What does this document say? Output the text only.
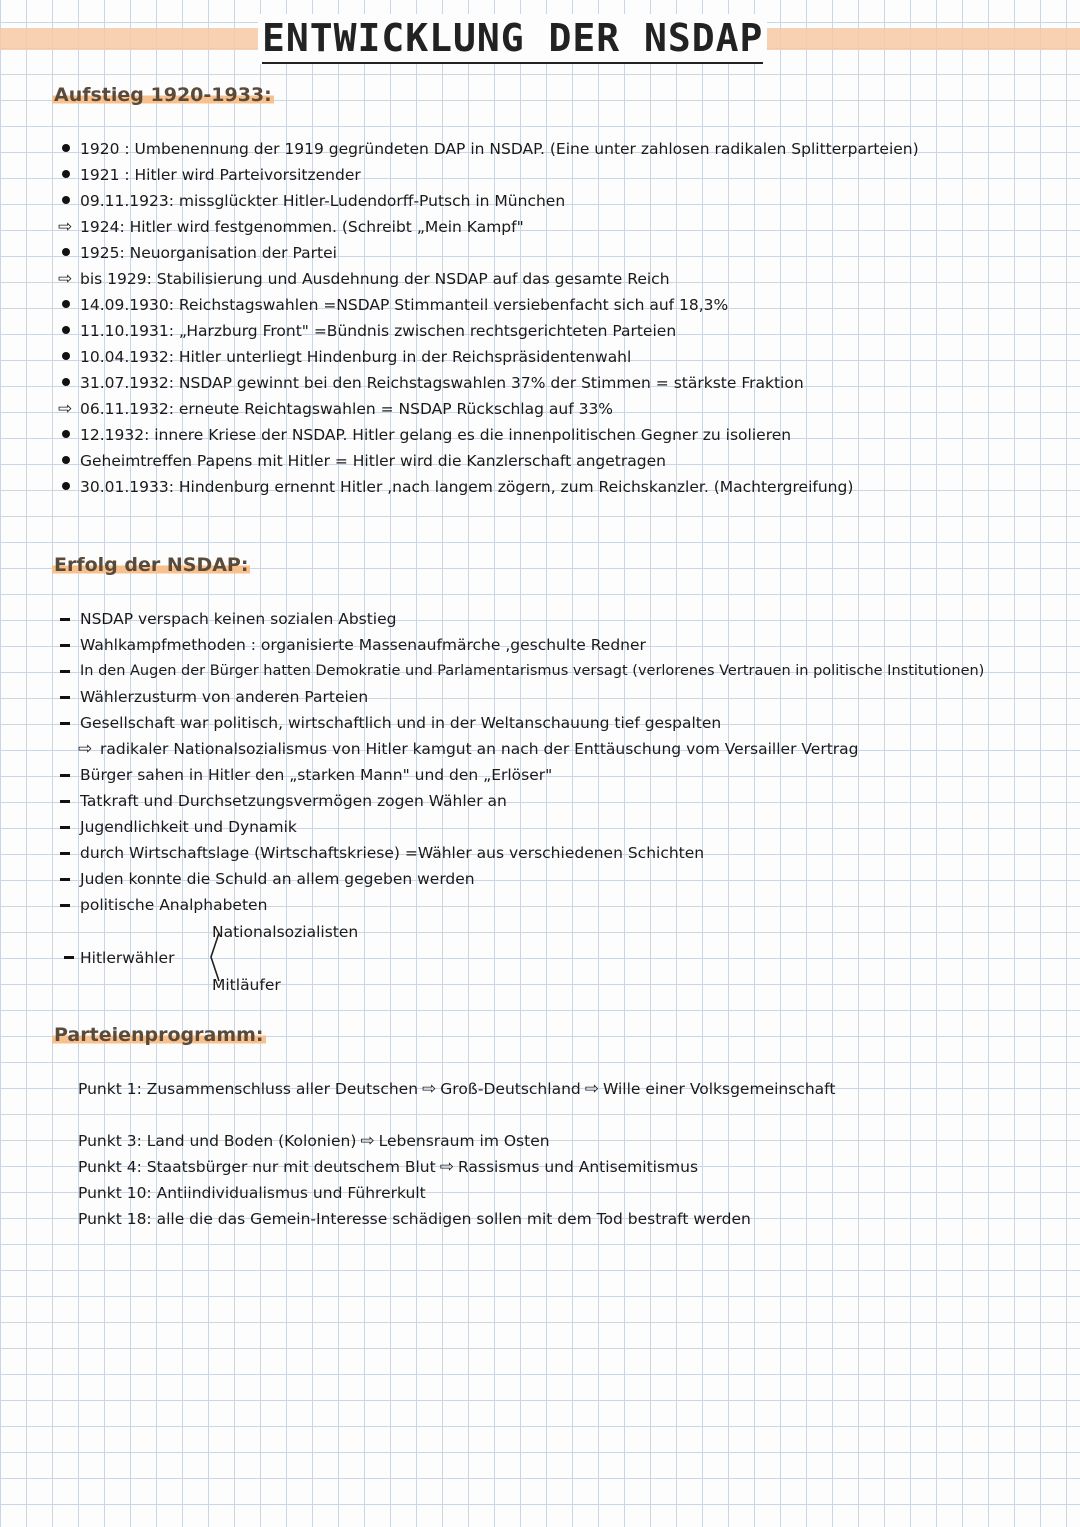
ENTWICKLUNG DER NSDAP
Aufstieg 1920-1933:
1920 : Umbenennung der 1919 gegründeten DAP in NSDAP. (Eine unter zahlosen radikalen Splitterparteien)
1921 : Hitler wird Parteivorsitzender
09.11.1923: missglückter Hitler-Ludendorff-Putsch in München
⇨ 1924: Hitler wird festgenommen. (Schreibt „Mein Kampf"
1925: Neuorganisation der Partei
⇨ bis 1929: Stabilisierung und Ausdehnung der NSDAP auf das gesamte Reich
14.09.1930: Reichstagswahlen =NSDAP Stimmanteil versiebenfacht sich auf 18,3%
11.10.1931: „Harzburg Front" =Bündnis zwischen rechtsgerichteten Parteien
10.04.1932: Hitler unterliegt Hindenburg in der Reichspräsidentenwahl
31.07.1932: NSDAP gewinnt bei den Reichstagswahlen 37% der Stimmen = stärkste Fraktion
⇨ 06.11.1932: erneute Reichtagswahlen = NSDAP Rückschlag auf 33%
12.1932: innere Kriese der NSDAP. Hitler gelang es die innenpolitischen Gegner zu isolieren
Geheimtreffen Papens mit Hitler = Hitler wird die Kanzlerschaft angetragen
30.01.1933: Hindenburg ernennt Hitler ,nach langem zögern, zum Reichskanzler. (Machtergreifung)
Erfolg der NSDAP:
NSDAP verspach keinen sozialen Abstieg
Wahlkampfmethoden : organisierte Massenaufmärche ,geschulte Redner
In den Augen der Bürger hatten Demokratie und Parlamentarismus versagt (verlorenes Vertrauen in politische Institutionen)
Wählerzusturm von anderen Parteien
Gesellschaft war politisch, wirtschaftlich und in der Weltanschauung tief gespalten
⇨ radikaler Nationalsozialismus von Hitler kamgut an nach der Enttäuschung vom Versailler Vertrag
Bürger sahen in Hitler den „starken Mann" und den „Erlöser"
Tatkraft und Durchsetzungsvermögen zogen Wähler an
Jugendlichkeit und Dynamik
durch Wirtschaftslage (Wirtschaftskriese) =Wähler aus verschiedenen Schichten
Juden konnte die Schuld an allem gegeben werden
politische Analphabeten
Hitlerwähler
Nationalsozialisten
Mitläufer
Parteienprogramm:
Punkt 1: Zusammenschluss aller Deutschen ⇨ Groß-Deutschland ⇨ Wille einer Volksgemeinschaft
Punkt 3: Land und Boden (Kolonien) ⇨ Lebensraum im Osten
Punkt 4: Staatsbürger nur mit deutschem Blut ⇨ Rassismus und Antisemitismus
Punkt 10: Antiindividualismus und Führerkult
Punkt 18: alle die das Gemein-Interesse schädigen sollen mit dem Tod bestraft werden
